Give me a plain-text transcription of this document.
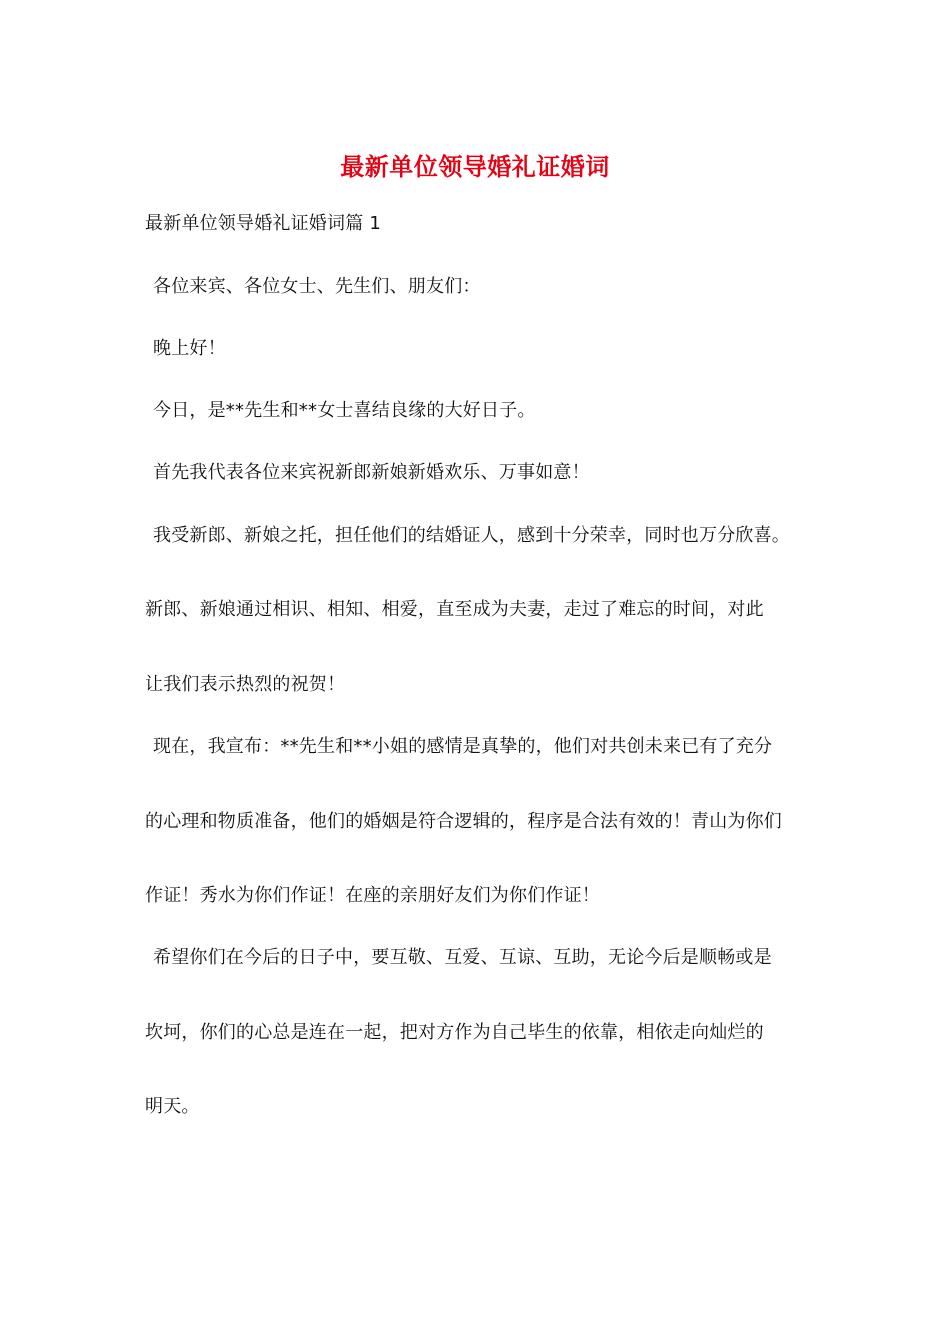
最新单位领导婚礼证婚词
最新单位领导婚礼证婚词篇 1
各位来宾、各位女士、先生们、朋友们：
晚上好！
今日，是**先生和**女士喜结良缘的大好日子。
首先我代表各位来宾祝新郎新娘新婚欢乐、万事如意！
我受新郎、新娘之托，担任他们的结婚证人，感到十分荣幸，同时也万分欣喜。
新郎、新娘通过相识、相知、相爱，直至成为夫妻，走过了难忘的时间，对此
让我们表示热烈的祝贺！
现在，我宣布：**先生和**小姐的感情是真挚的，他们对共创未来已有了充分
的心理和物质准备，他们的婚姻是符合逻辑的，程序是合法有效的！青山为你们
作证！秀水为你们作证！在座的亲朋好友们为你们作证！
希望你们在今后的日子中，要互敬、互爱、互谅、互助，无论今后是顺畅或是
坎坷，你们的心总是连在一起，把对方作为自己毕生的依靠，相依走向灿烂的
明天。
